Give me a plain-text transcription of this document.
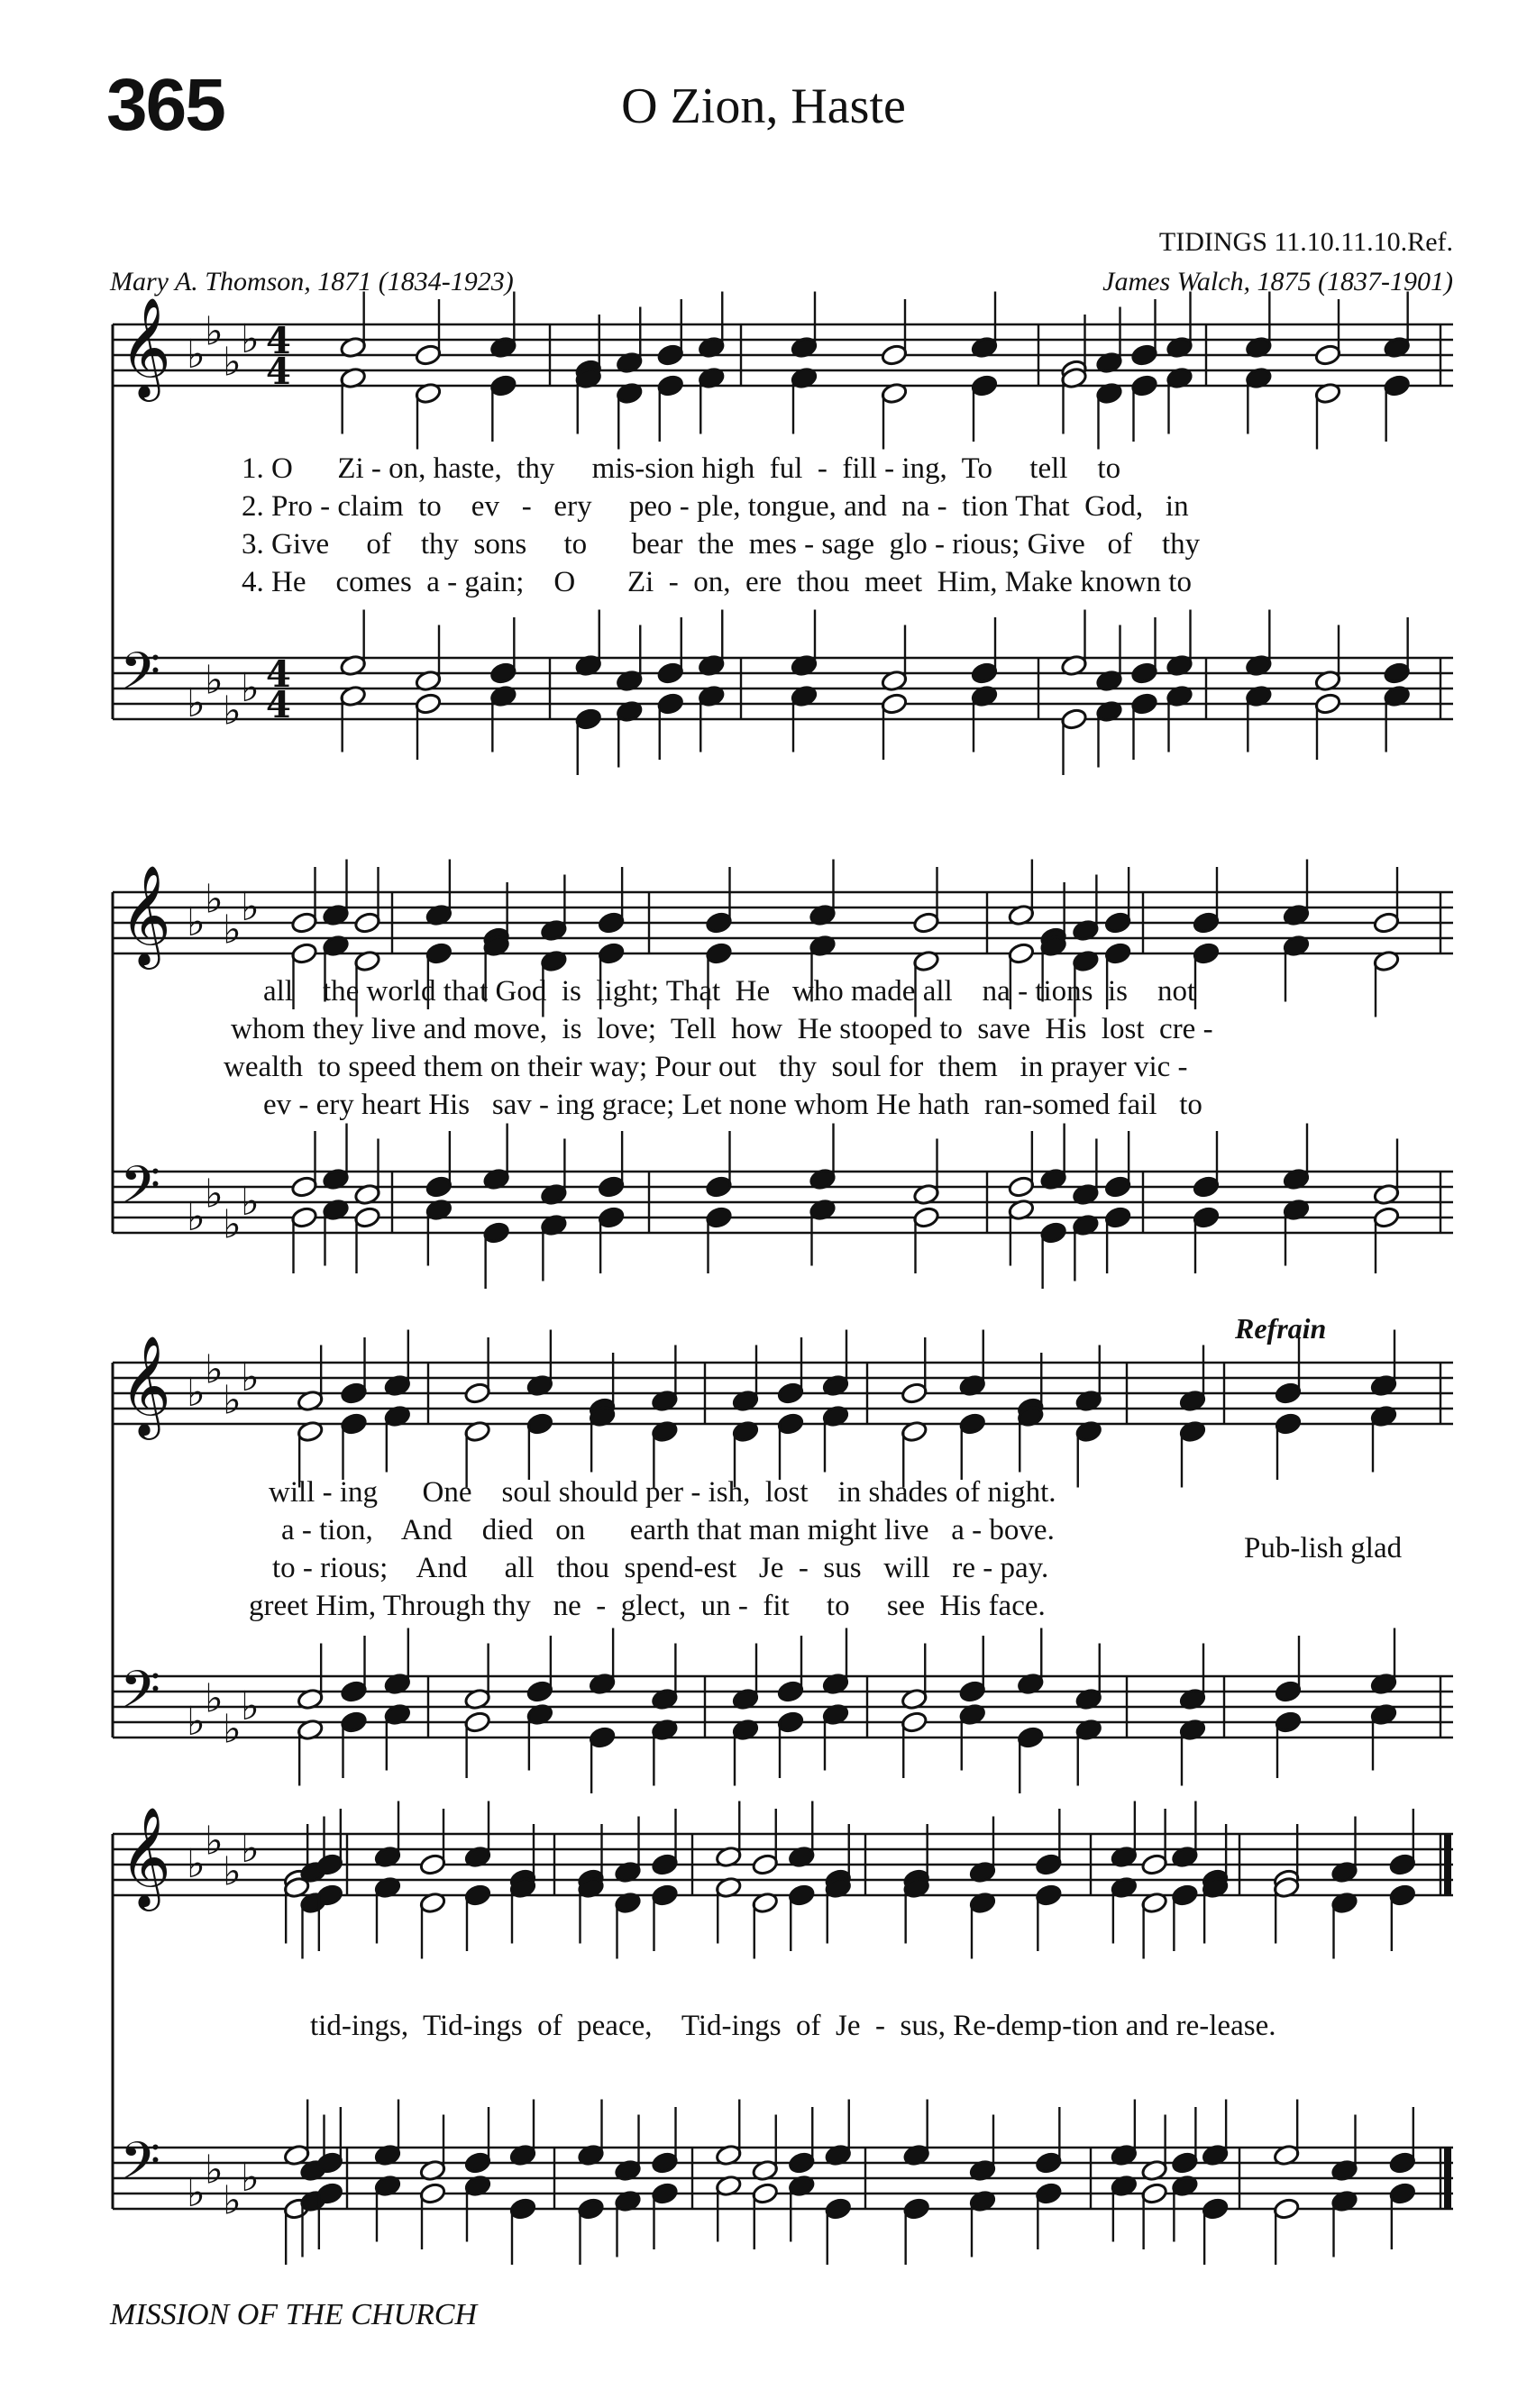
365	O Zion, Haste
TIDINGS 11.10.11.10.Ref.
Mary A. Thomson, 1871 (1834-1923)	James Walch, 1875 (1837-1901)
Refrain
1. O      Zi - on, haste,  thy     mis-sion high  ful  -  fill - ing,  To     tell    to
2. Pro - claim  to    ev   -   ery     peo - ple, tongue, and  na -  tion That  God,   in
3. Give     of    thy  sons     to      bear  the  mes - sage  glo - rious; Give   of    thy
4. He    comes  a - gain;    O       Zi  -  on,  ere  thou  meet  Him, Make known to
all    the world that God  is  light; That  He   who made all    na - tions  is    not
whom they live and move,  is  love;  Tell  how  He stooped to  save  His  lost  cre -
wealth  to speed them on their way; Pour out   thy  soul for  them   in prayer vic -
ev - ery heart His   sav - ing grace; Let none whom He hath  ran-somed fail   to
will - ing      One    soul should per - ish,  lost    in shades of night.
a - tion,    And    died   on      earth that man might live   a - bove.
to - rious;    And     all   thou  spend-est   Je  -  sus   will   re - pay.
greet Him, Through thy   ne  -  glect,  un -  fit     to     see  His face.
Pub-lish glad
tid-ings,  Tid-ings  of  peace,    Tid-ings  of  Je  -  sus, Re-demp-tion and re-lease.
MISSION OF THE CHURCH
𝄞
𝄢
♭ ♭
♭ ♭
♭ ♭
♭ ♭
4
4
4
4
𝄞
𝄢
♭ ♭
♭ ♭
♭ ♭
♭ ♭
𝄞
𝄢
♭ ♭
♭ ♭
♭ ♭
♭ ♭
𝄞
𝄢
♭ ♭
♭ ♭
♭ ♭
♭ ♭
